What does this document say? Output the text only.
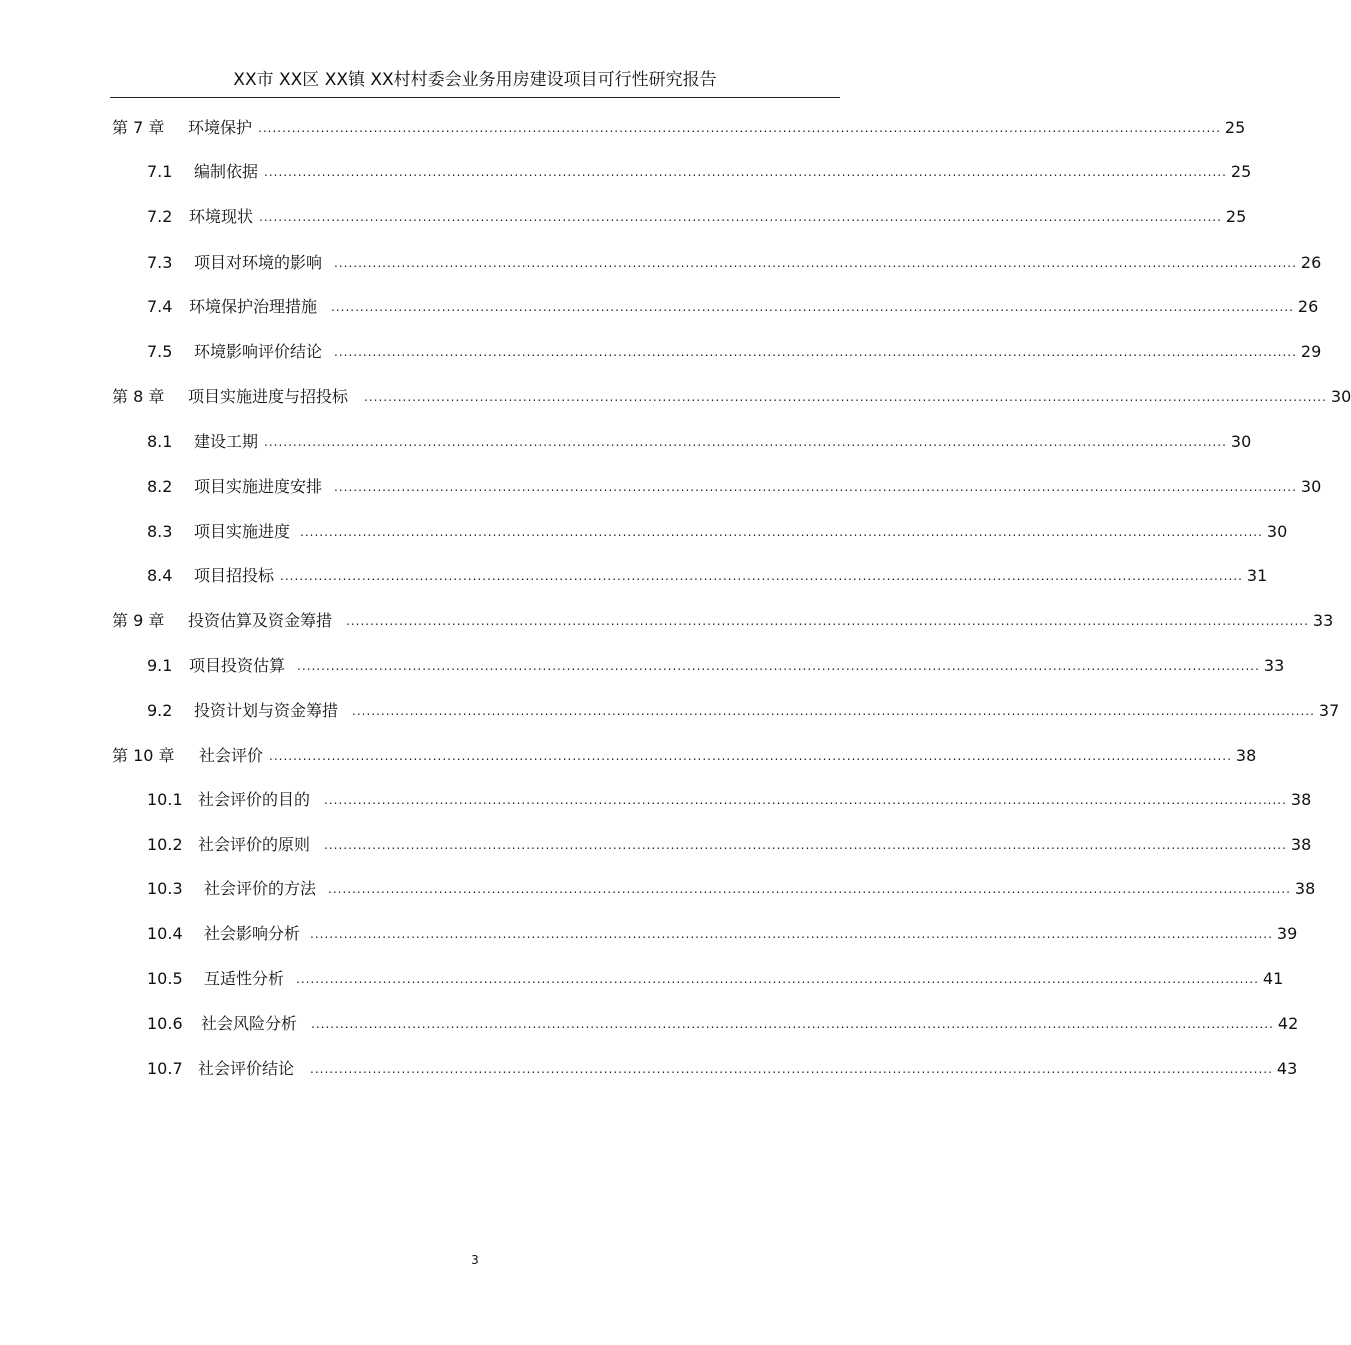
XX市 XX区 XX镇 XX村村委会业务用房建设项目可行性研究报告
第 7 章	环境保护 ........................................................................................................................................................................................................ 25
7.1	编制依据 ........................................................................................................................................................................................................ 25
7.2	环境现状 ........................................................................................................................................................................................................ 25
7.3	项目对环境的影响 ........................................................................................................................................................................................................ 26
7.4	环境保护治理措施 ........................................................................................................................................................................................................ 26
7.5	环境影响评价结论 ........................................................................................................................................................................................................ 29
第 8 章	项目实施进度与招投标 ........................................................................................................................................................................................................ 30
8.1	建设工期 ........................................................................................................................................................................................................ 30
8.2	项目实施进度安排 ........................................................................................................................................................................................................ 30
8.3	项目实施进度 ........................................................................................................................................................................................................ 30
8.4	项目招投标 ........................................................................................................................................................................................................ 31
第 9 章	投资估算及资金筹措 ........................................................................................................................................................................................................ 33
9.1	项目投资估算 ........................................................................................................................................................................................................ 33
9.2	投资计划与资金筹措 ........................................................................................................................................................................................................ 37
第 10 章	社会评价 ........................................................................................................................................................................................................ 38
10.1 社会评价的目的 ........................................................................................................................................................................................................ 38
10.2 社会评价的原则 ........................................................................................................................................................................................................ 38
10.3	社会评价的方法 ........................................................................................................................................................................................................ 38
10.4	社会影响分析 ........................................................................................................................................................................................................ 39
10.5	互适性分析 ........................................................................................................................................................................................................ 41
10.6	社会风险分析 ........................................................................................................................................................................................................ 42
10.7 社会评价结论 ........................................................................................................................................................................................................ 43
3
